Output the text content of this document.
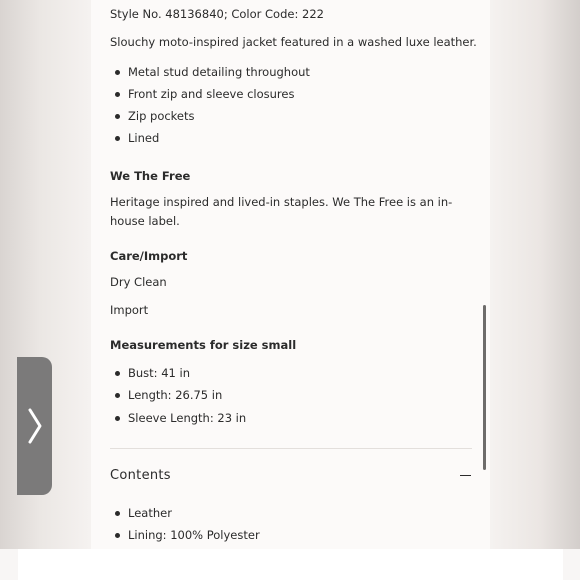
Style No. 48136840; Color Code: 222
Slouchy moto-inspired jacket featured in a washed luxe leather.
Metal stud detailing throughout
Front zip and sleeve closures
Zip pockets
Lined
We The Free
Heritage inspired and lived-in staples. We The Free is an in-house label.
Care/Import
Dry Clean
Import
Measurements for size small
Bust: 41 in
Length: 26.75 in
Sleeve Length: 23 in
Leather
Lining: 100% Polyester
Contents
